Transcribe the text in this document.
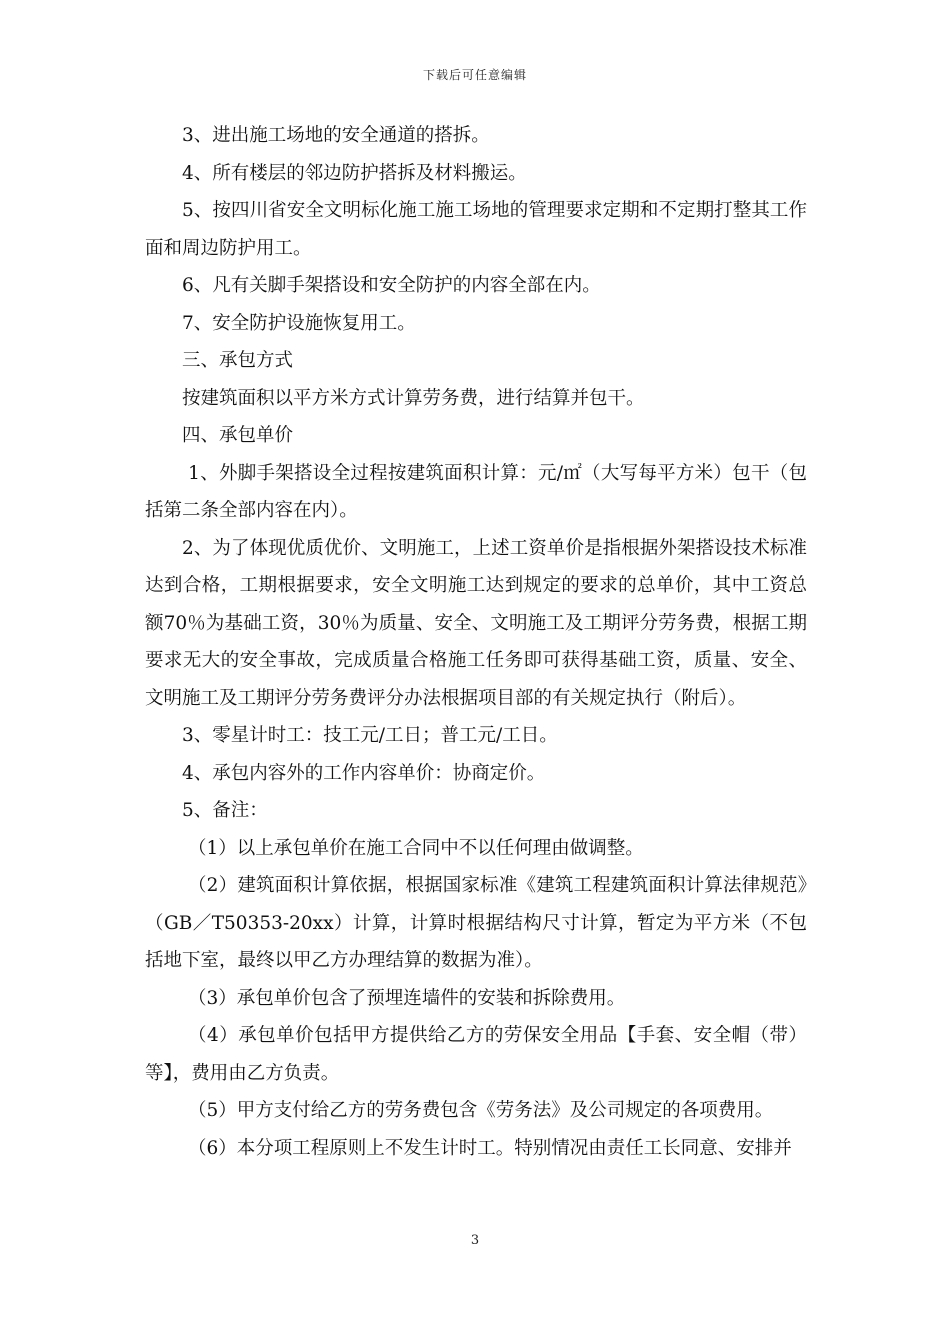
下载后可任意编辑

3、进出施工场地的安全通道的搭拆。

4、所有楼层的邻边防护搭拆及材料搬运。

5、按四川省安全文明标化施工施工场地的管理要求定期和不定期打整其工作面和周边防护用工。

6、凡有关脚手架搭设和安全防护的内容全部在内。

7、安全防护设施恢复用工。

三、承包方式

按建筑面积以平方米方式计算劳务费，进行结算并包干。

四、承包单价

1、外脚手架搭设全过程按建筑面积计算：元/㎡（大写每平方米）包干（包括第二条全部内容在内）。

2、为了体现优质优价、文明施工，上述工资单价是指根据外架搭设技术标准达到合格，工期根据要求，安全文明施工达到规定的要求的总单价，其中工资总额70％为基础工资，30％为质量、安全、文明施工及工期评分劳务费，根据工期要求无大的安全事故，完成质量合格施工任务即可获得基础工资，质量、安全、文明施工及工期评分劳务费评分办法根据项目部的有关规定执行（附后）。

3、零星计时工：技工元/工日；普工元/工日。

4、承包内容外的工作内容单价：协商定价。

5、备注：

（1）以上承包单价在施工合同中不以任何理由做调整。

（2）建筑面积计算依据，根据国家标准《建筑工程建筑面积计算法律规范》（GB／T50353-20xx）计算，计算时根据结构尺寸计算，暂定为平方米（不包括地下室，最终以甲乙方办理结算的数据为准）。

（3）承包单价包含了预埋连墙件的安装和拆除费用。

（4）承包单价包括甲方提供给乙方的劳保安全用品【手套、安全帽（带）等】，费用由乙方负责。

（5）甲方支付给乙方的劳务费包含《劳务法》及公司规定的各项费用。

（6）本分项工程原则上不发生计时工。特别情况由责任工长同意、安排并

3
